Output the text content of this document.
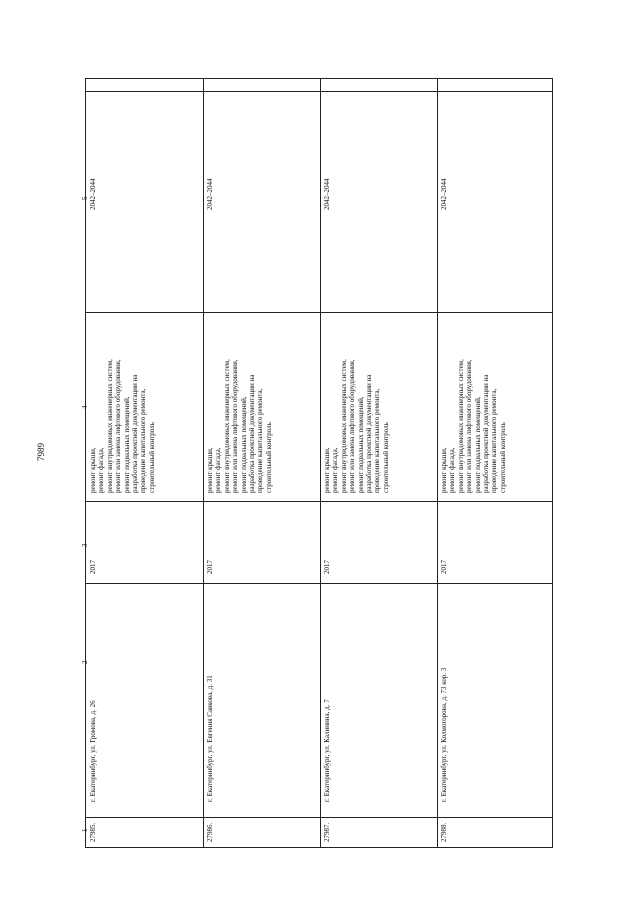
7989
1
2
3
4
5
27985.
г. Екатеринбург, ул. Громова, д. 26
2017
ремонт крыши, ремонт фасада, ремонт внутридомовых инженерных систем, ремонт или замена лифтового оборудования, ремонт подвальных помещений, разработка проектной документации на проведение капитального ремонта, строительный контроль
2042–2044
27986.
г. Екатеринбург, ул. Евгения Савкова, д. 31
2017
ремонт крыши, ремонт фасада, ремонт внутридомовых инженерных систем, ремонт или замена лифтового оборудования, ремонт подвальных помещений, разработка проектной документации на проведение капитального ремонта, строительный контроль
2042–2044
27987.
г. Екатеринбург, ул. Калинина, д. 7
2017
ремонт крыши, ремонт фасада, ремонт внутридомовых инженерных систем, ремонт или замена лифтового оборудования, ремонт подвальных помещений, разработка проектной документации на проведение капитального ремонта, строительный контроль
2042–2044
27988.
г. Екатеринбург, ул. Колмогорова, д. 73 кор. 3
2017
ремонт крыши, ремонт фасада, ремонт внутридомовых инженерных систем, ремонт или замена лифтового оборудования, ремонт подвальных помещений, разработка проектной документации на проведение капитального ремонта, строительный контроль
2042–2044
